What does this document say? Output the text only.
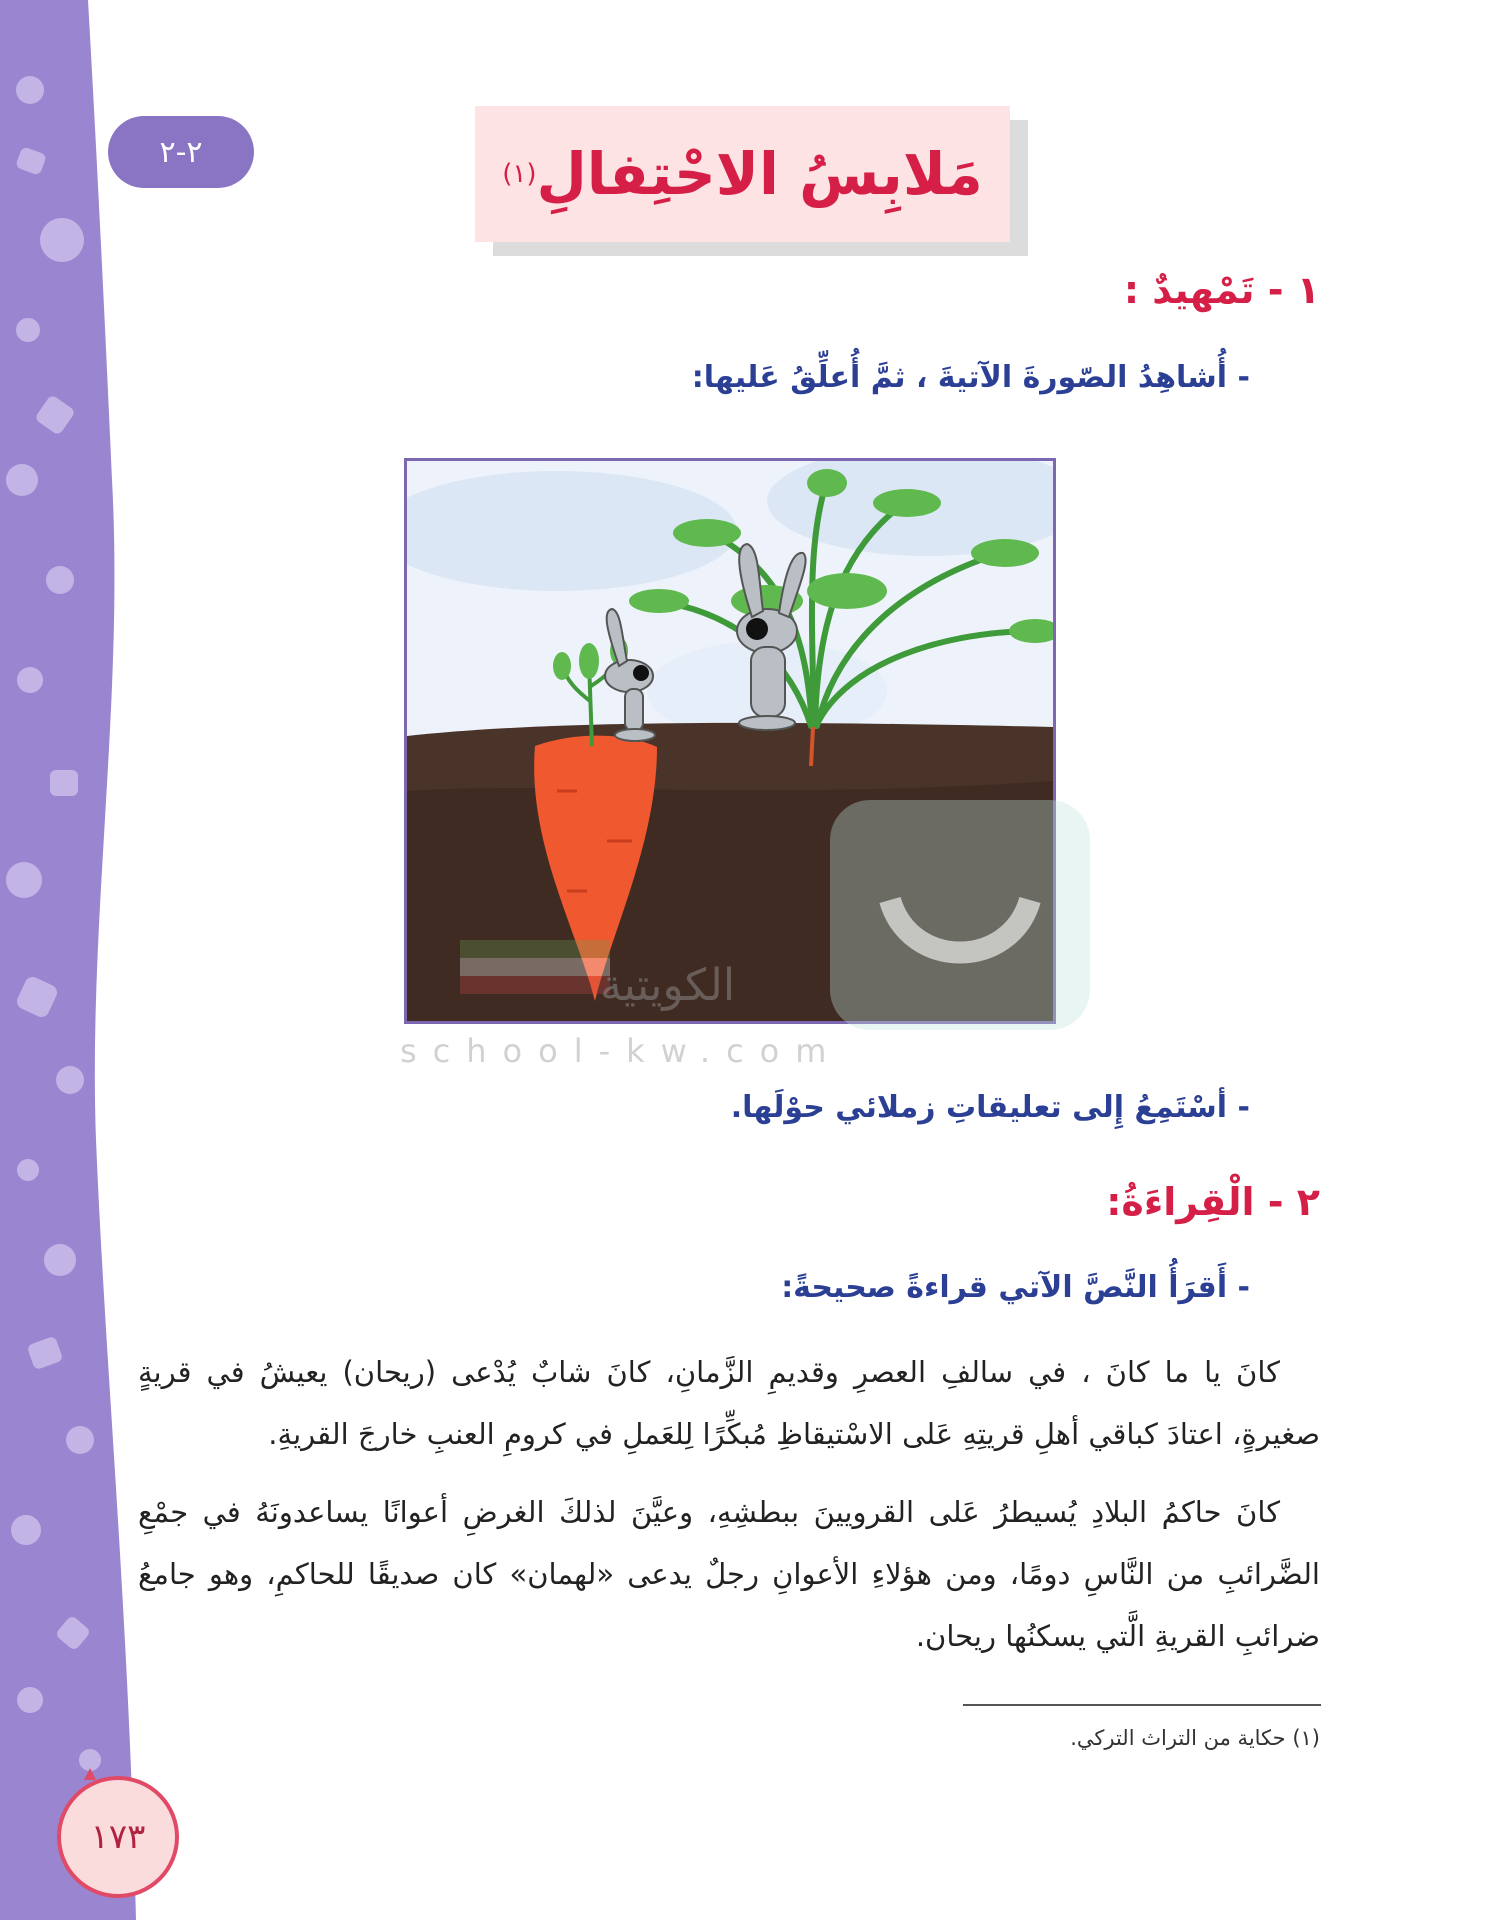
٢-٢	مَلابِسُ الاحْتِفالِ
(١)
١ - تَمْهيدٌ :
- أُشاهِدُ الصّورةَ الآتيةَ ، ثمَّ أُعلِّقُ عَليها:
الكويتية
school-kw.com
- أسْتَمِعُ إِلى تعليقاتِ زملائي حوْلَها.
٢ - الْقِراءَةُ:
- أَقرَأُ النَّصَّ الآتي قراءةً صحيحةً:

كانَ يا ما كانَ ، في سالفِ العصرِ وقديمِ الزَّمانِ، كانَ شابٌ يُدْعى (ريحان) يعيشُ في قريةٍ صغيرةٍ، اعتادَ كباقي أهلِ قريتِهِ عَلى الاسْتيقاظِ مُبكِّرًا لِلعَملِ في كرومِ العنبِ خارجَ القريةِ.

كانَ حاكمُ البلادِ يُسيطرُ عَلى القرويينَ ببطشِهِ، وعيَّنَ لذلكَ الغرضِ أعوانًا يساعدونَهُ في جمْعِ الضَّرائبِ من النَّاسِ دومًا، ومن هؤلاءِ الأعوانِ رجلٌ يدعى «لهمان» كان صديقًا للحاكمِ، وهو جامعُ ضرائبِ القريةِ الَّتي يسكنُها ريحان.

(١) حكاية من التراث التركي.
١٧٣
